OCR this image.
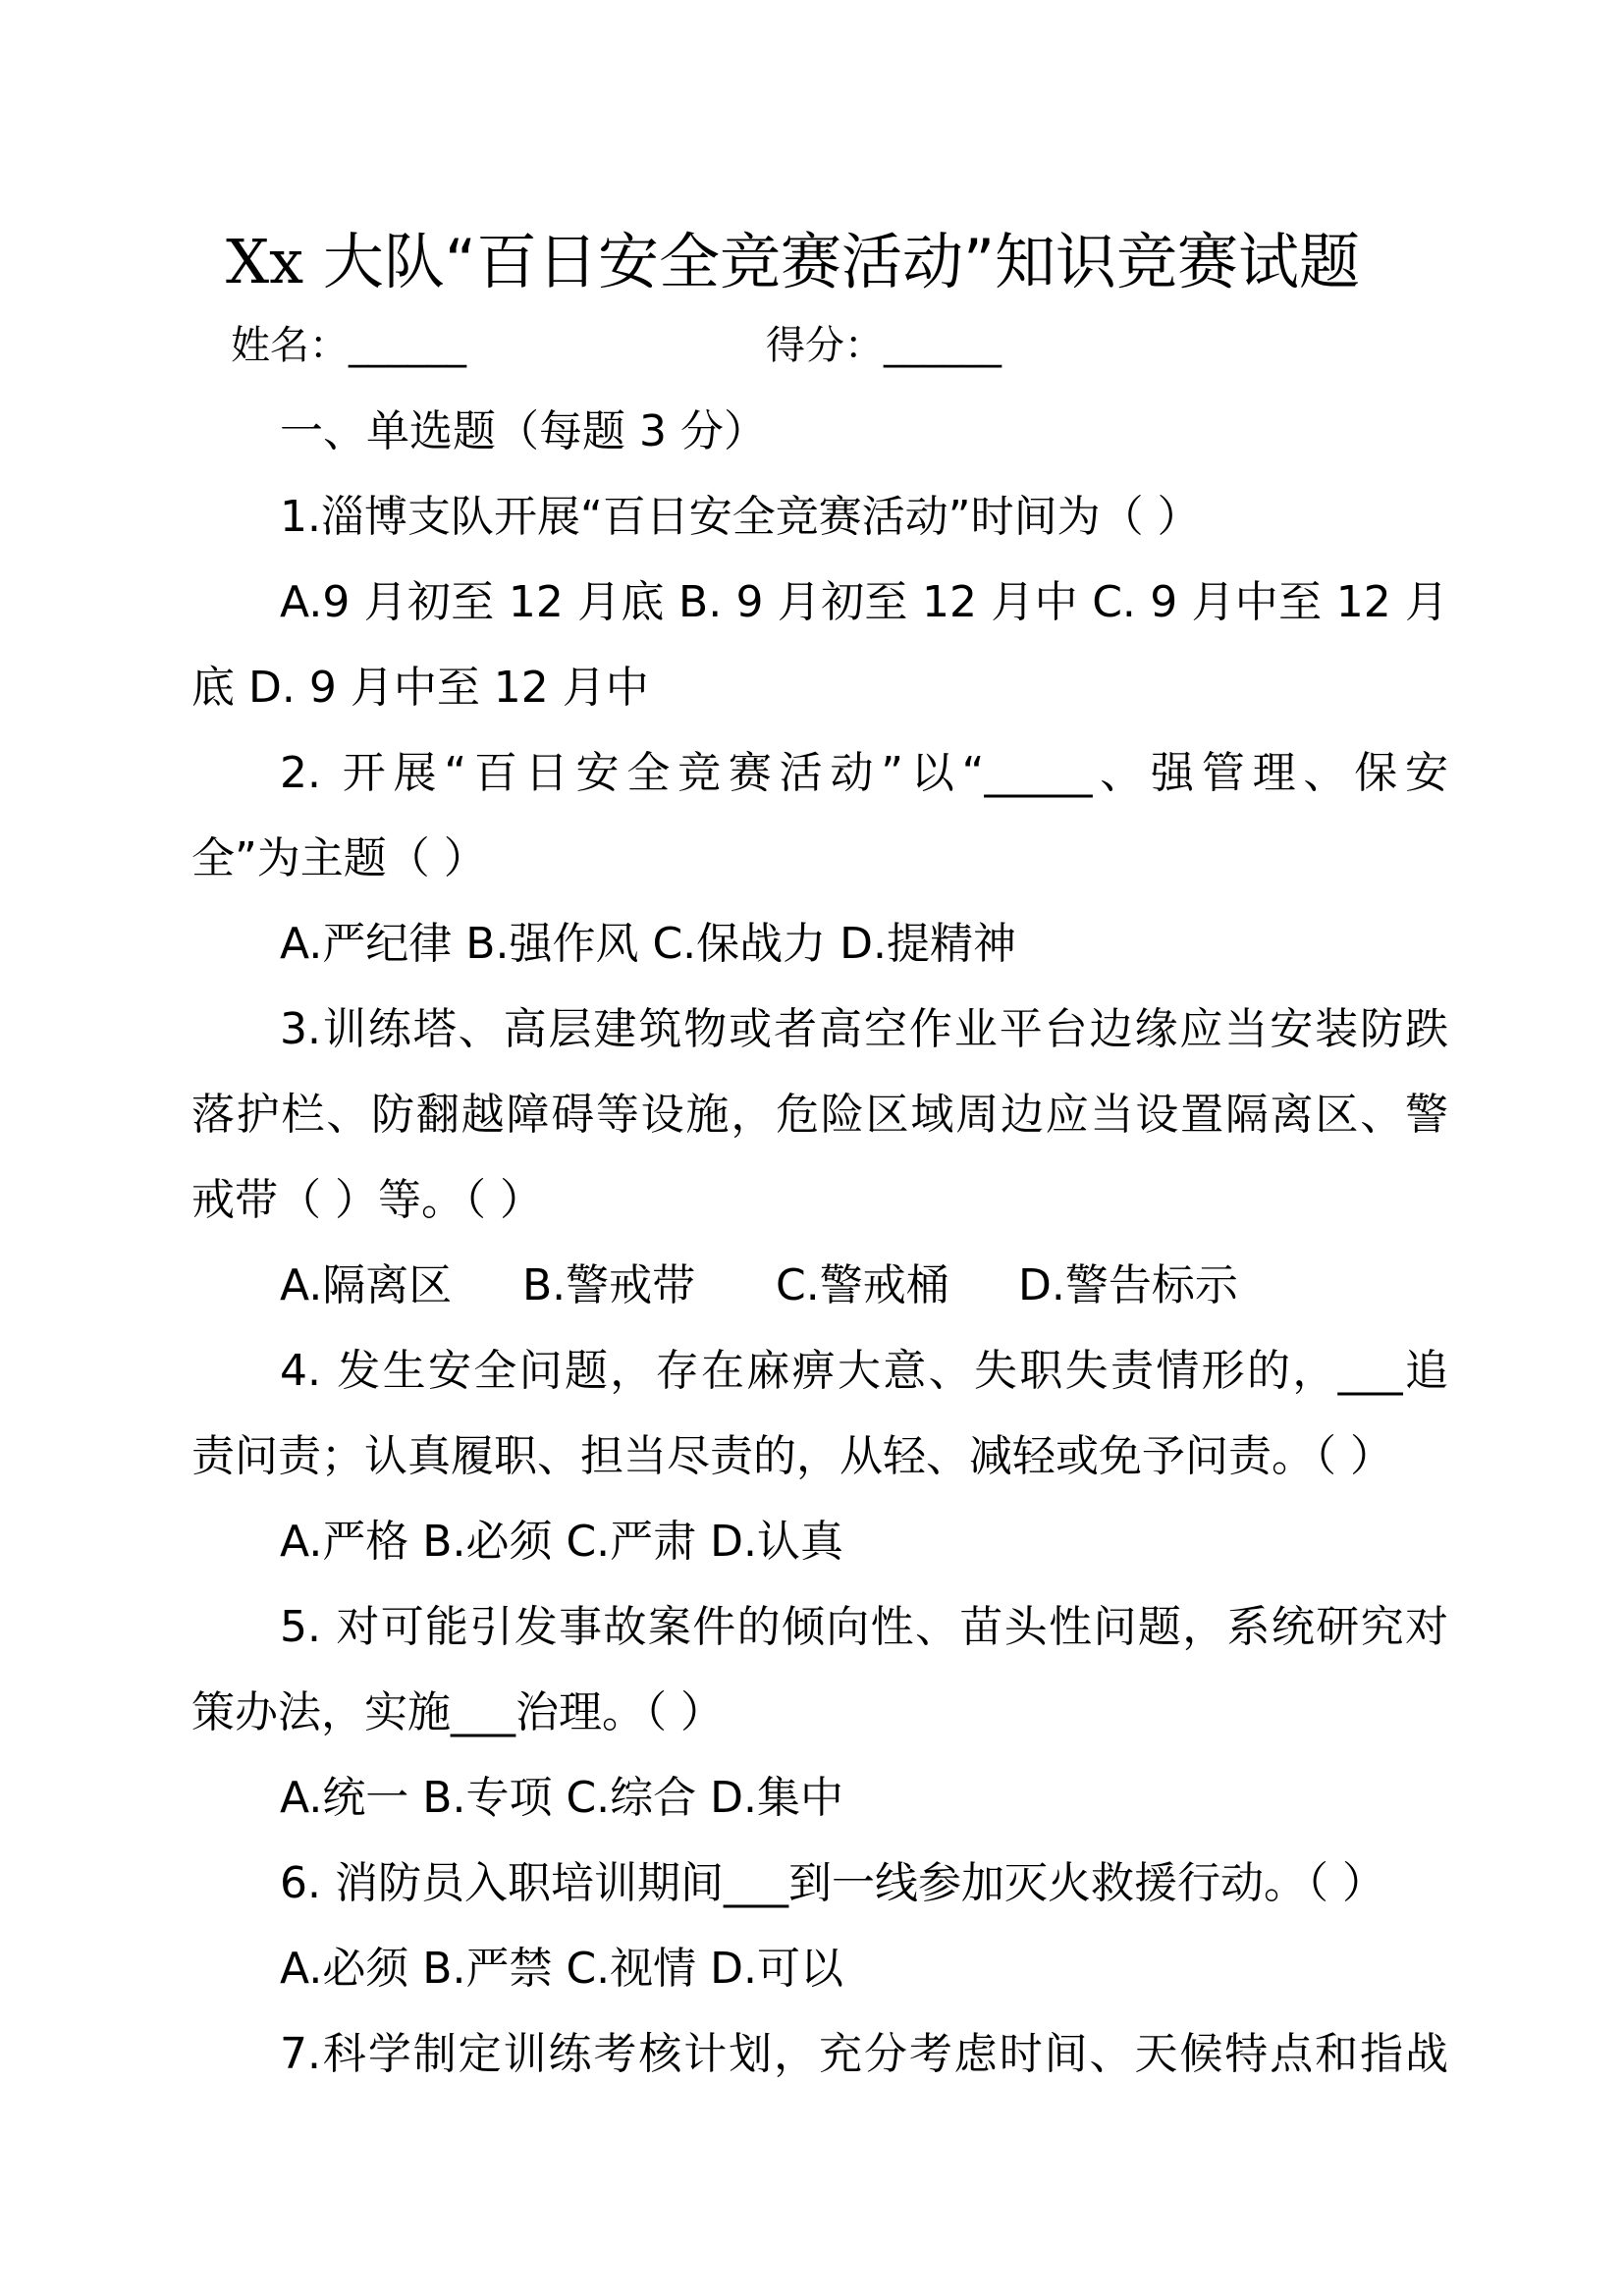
Xx 大队“百日安全竞赛活动”知识竞赛试题
姓名：______	得分：______
一、单选题（每题 3 分）
1.淄博支队开展“百日安全竞赛活动”时间为（ ）
A.9 月初至 12 月底 B. 9 月初至 12 月中 C. 9 月中至 12 月
底 D. 9 月中至 12 月中
2. 开展“百日安全竞赛活动”以“_____、强管理、保安
全”为主题（ ）
A.严纪律 B.强作风 C.保战力 D.提精神
3.训练塔、高层建筑物或者高空作业平台边缘应当安装防跌
落护栏、防翻越障碍等设施，危险区域周边应当设置隔离区、警
戒带（ ）等。（ ）
A.隔离区 B.警戒带 C.警戒桶 D.警告标示
4. 发生安全问题，存在麻痹大意、失职失责情形的，___追
责问责；认真履职、担当尽责的，从轻、减轻或免予问责。（ ）
A.严格 B.必须 C.严肃 D.认真
5. 对可能引发事故案件的倾向性、苗头性问题，系统研究对
策办法，实施___治理。（ ）
A.统一 B.专项 C.综合 D.集中
6. 消防员入职培训期间___到一线参加灭火救援行动。（ ）
A.必须 B.严禁 C.视情 D.可以
7.科学制定训练考核计划，充分考虑时间、天候特点和指战
